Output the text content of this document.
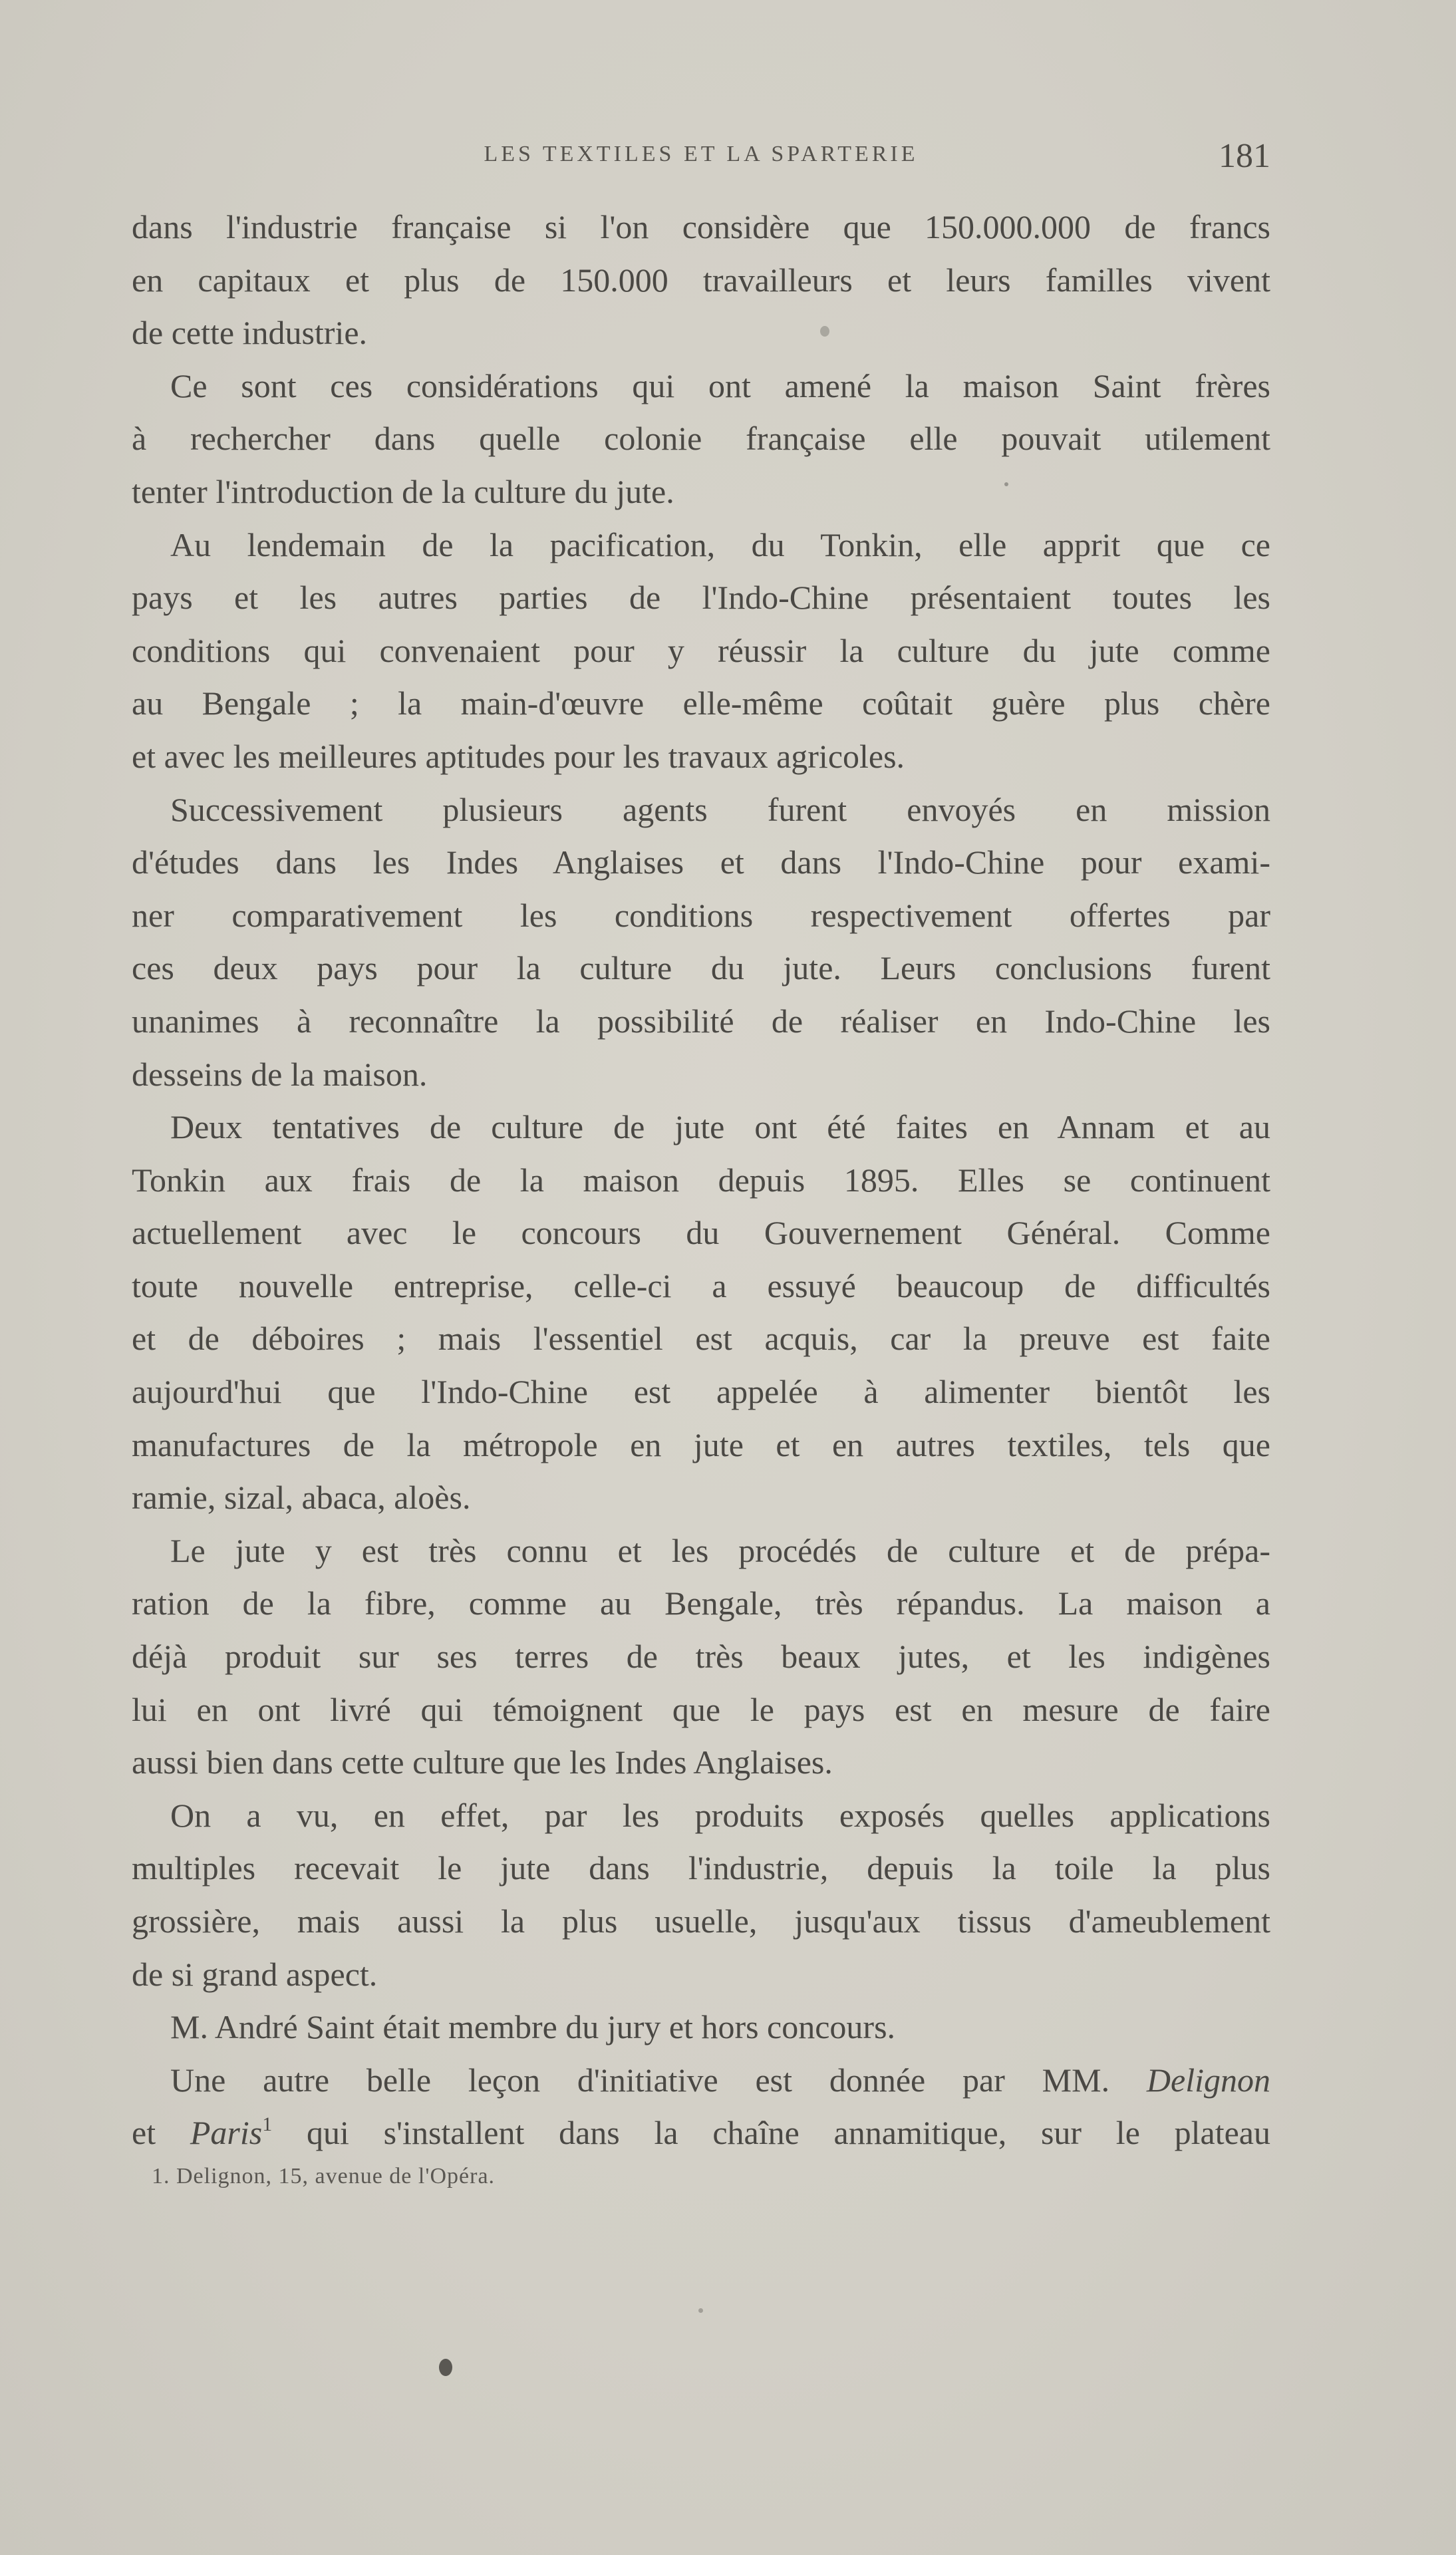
LES TEXTILES ET LA SPARTERIE	181
dans l'industrie française si l'on considère que 150.000.000 de francs
en capitaux et plus de 150.000 travailleurs et leurs familles vivent
de cette industrie.
Ce sont ces considérations qui ont amené la maison Saint frères
à rechercher dans quelle colonie française elle pouvait utilement
tenter l'introduction de la culture du jute.
Au lendemain de la pacification, du Tonkin, elle apprit que ce
pays et les autres parties de l'Indo-Chine présentaient toutes les
conditions qui convenaient pour y réussir la culture du jute comme
au Bengale ; la main-d'œuvre elle-même coûtait guère plus chère
et avec les meilleures aptitudes pour les travaux agricoles.
Successivement plusieurs agents furent envoyés en mission
d'études dans les Indes Anglaises et dans l'Indo-Chine pour exami-
ner comparativement les conditions respectivement offertes par
ces deux pays pour la culture du jute. Leurs conclusions furent
unanimes à reconnaître la possibilité de réaliser en Indo-Chine les
desseins de la maison.
Deux tentatives de culture de jute ont été faites en Annam et au
Tonkin aux frais de la maison depuis 1895. Elles se continuent
actuellement avec le concours du Gouvernement Général. Comme
toute nouvelle entreprise, celle-ci a essuyé beaucoup de difficultés
et de déboires ; mais l'essentiel est acquis, car la preuve est faite
aujourd'hui que l'Indo-Chine est appelée à alimenter bientôt les
manufactures de la métropole en jute et en autres textiles, tels que
ramie, sizal, abaca, aloès.
Le jute y est très connu et les procédés de culture et de prépa-
ration de la fibre, comme au Bengale, très répandus. La maison a
déjà produit sur ses terres de très beaux jutes, et les indigènes
lui en ont livré qui témoignent que le pays est en mesure de faire
aussi bien dans cette culture que les Indes Anglaises.
On a vu, en effet, par les produits exposés quelles applications
multiples recevait le jute dans l'industrie, depuis la toile la plus
grossière, mais aussi la plus usuelle, jusqu'aux tissus d'ameublement
de si grand aspect.
M. André Saint était membre du jury et hors concours.
Une autre belle leçon d'initiative est donnée par MM. Delignon
et Paris$^1$ qui s'installent dans la chaîne annamitique, sur le plateau
1. Delignon, 15, avenue de l'Opéra.
